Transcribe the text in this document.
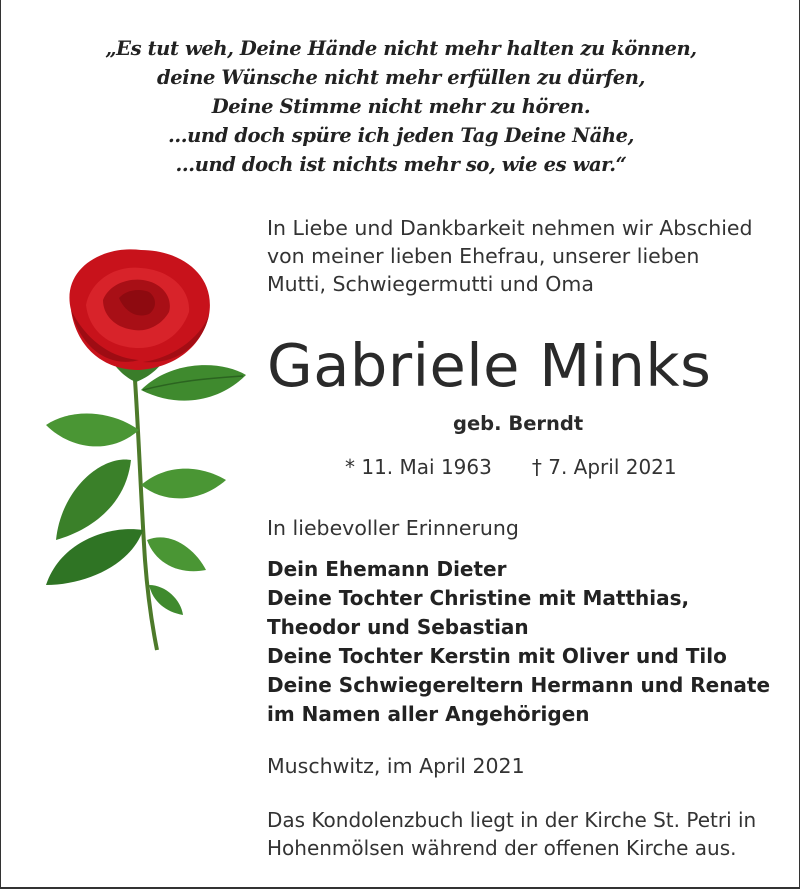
„Es tut weh, Deine Hände nicht mehr halten zu können,
deine Wünsche nicht mehr erfüllen zu dürfen,
Deine Stimme nicht mehr zu hören.
...und doch spüre ich jeden Tag Deine Nähe,
...und doch ist nichts mehr so, wie es war.“
In Liebe und Dankbarkeit nehmen wir Abschied
von meiner lieben Ehefrau, unserer lieben
Mutti, Schwiegermutti und Oma
Gabriele Minks
geb. Berndt
* 11. Mai 1963 † 7. April 2021
In liebevoller Erinnerung
Dein Ehemann Dieter
Deine Tochter Christine mit Matthias,
Theodor und Sebastian
Deine Tochter Kerstin mit Oliver und Tilo
Deine Schwiegereltern Hermann und Renate
im Namen aller Angehörigen
Muschwitz, im April 2021
Das Kondolenzbuch liegt in der Kirche St. Petri in
Hohenmölsen während der offenen Kirche aus.
